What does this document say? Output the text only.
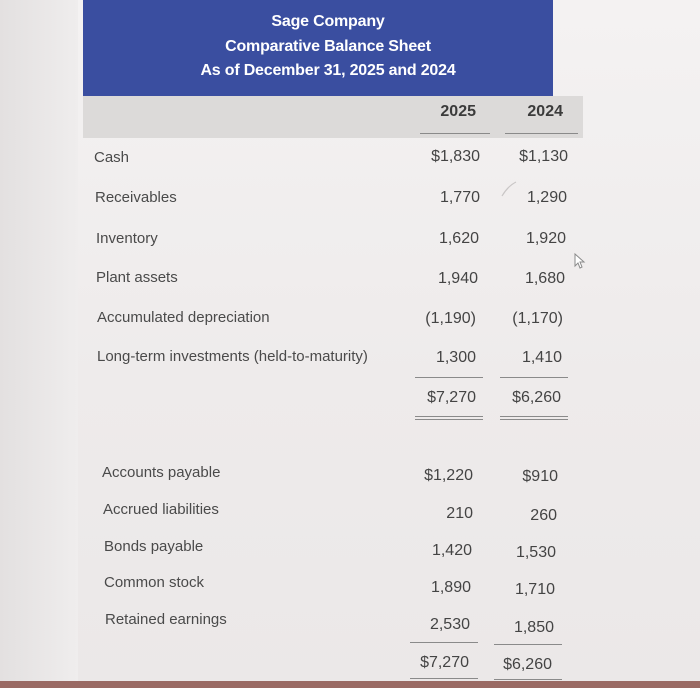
Sage Company
Comparative Balance Sheet
As of December 31, 2025 and 2024
2025	2024
Cash	$1,830	$1,130
Receivables	1,770	1,290
Inventory	1,620	1,920
Plant assets	1,940	1,680
Accumulated depreciation	(1,190)	(1,170)
Long-term investments (held-to-maturity)	1,300	1,410
$7,270	$6,260
Accounts payable	$1,220	$910
Accrued liabilities	210	260
Bonds payable	1,420	1,530
Common stock	1,890	1,710
Retained earnings	2,530	1,850
$7,270	$6,260
